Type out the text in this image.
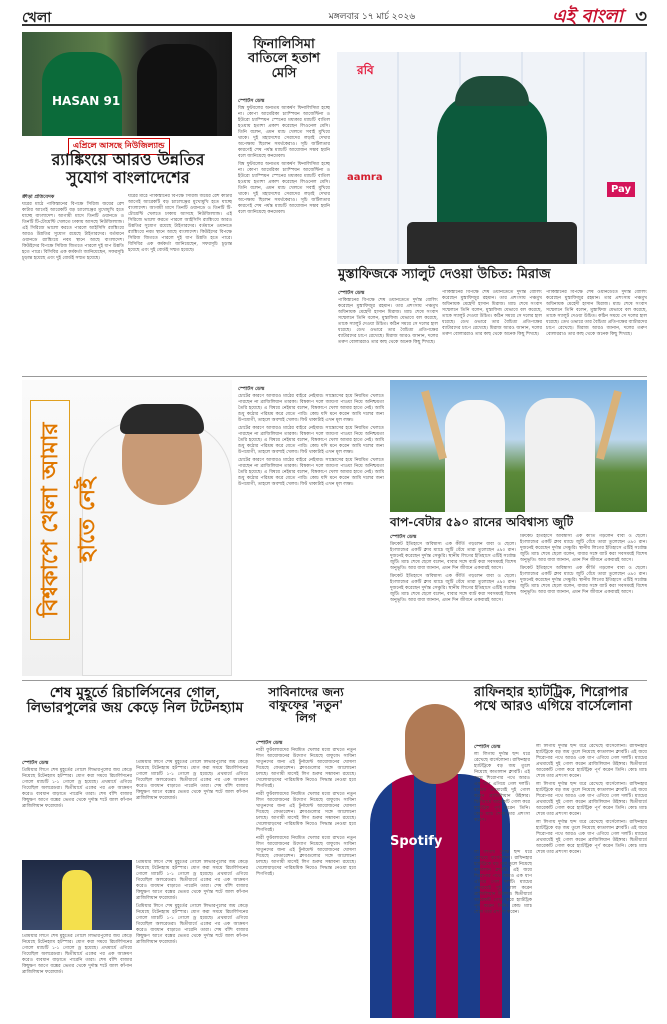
খেলা	মঙ্গলবার ১৭ মার্চ ২০২৬	এই বাংলা ৩
HASAN 91
এপ্রিলে আসছে নিউজিল্যান্ড
র‍্যাঙ্কিংয়ে আরও উন্নতির
সুযোগ বাংলাদেশের
ক্রীড়া প্রতিবেদক

ঘরের মাঠে পাকিস্তানের বিপক্ষে সিরিজ জয়ের রেশ কাটার আগেই আরেকটি বড় চ্যালেঞ্জের মুখোমুখি হতে যাচ্ছে বাংলাদেশ। আগামী মাসে তিনটি ওয়ানডে ও তিনটি টি-টোয়েন্টি খেলতে ঢাকায় আসছে নিউজিল্যান্ড। এই সিরিজে ভালো করতে পারলে আইসিসি র‍্যাঙ্কিংয়ে আরও উন্নতির সুযোগ রয়েছে টাইগারদের। বর্তমানে ওয়ানডে র‍্যাঙ্কিংয়ে নবম স্থানে আছে বাংলাদেশ। কিউইদের বিপক্ষে সিরিজ জিততে পারলে দুই ধাপ উন্নতি হতে পারে। বিসিবির এক কর্মকর্তা জানিয়েছেন, সফরসূচি চূড়ান্ত হয়েছে এবং দুই বোর্ডই সম্মত হয়েছে।

ঘরের মাঠে পাকিস্তানের বিপক্ষে সিরিজ জয়ের রেশ কাটার আগেই আরেকটি বড় চ্যালেঞ্জের মুখোমুখি হতে যাচ্ছে বাংলাদেশ। আগামী মাসে তিনটি ওয়ানডে ও তিনটি টি-টোয়েন্টি খেলতে ঢাকায় আসছে নিউজিল্যান্ড। এই সিরিজে ভালো করতে পারলে আইসিসি র‍্যাঙ্কিংয়ে আরও উন্নতির সুযোগ রয়েছে টাইগারদের। বর্তমানে ওয়ানডে র‍্যাঙ্কিংয়ে নবম স্থানে আছে বাংলাদেশ। কিউইদের বিপক্ষে সিরিজ জিততে পারলে দুই ধাপ উন্নতি হতে পারে। বিসিবির এক কর্মকর্তা জানিয়েছেন, সফরসূচি চূড়ান্ত হয়েছে এবং দুই বোর্ডই সম্মত হয়েছে।

ফিনালিসিমা
বাতিলে হতাশ
মেসি
স্পোর্টস ডেস্ক

বিশ্ব ফুটবলের অন্যতম আকর্ষণ ফিনালিসিমা হচ্ছে না। কোপা আমেরিকা চ্যাম্পিয়ন আর্জেন্টিনা ও ইউরো চ্যাম্পিয়ন স্পেনের মধ্যকার ম্যাচটি বাতিল হওয়ায় হতাশা প্রকাশ করেছেন লিওনেল মেসি। তিনি বলেন, এমন ম্যাচ খেলতে সবাই মুখিয়ে থাকে। দুই মহাদেশের সেরাদের লড়াই দেখার অপেক্ষায় ছিলেন সমর্থকেরাও। সূচি জটিলতার কারণেই শেষ পর্যন্ত ম্যাচটি আয়োজন সম্ভব হয়নি বলে জানিয়েছে কনমেবল।

বিশ্ব ফুটবলের অন্যতম আকর্ষণ ফিনালিসিমা হচ্ছে না। কোপা আমেরিকা চ্যাম্পিয়ন আর্জেন্টিনা ও ইউরো চ্যাম্পিয়ন স্পেনের মধ্যকার ম্যাচটি বাতিল হওয়ায় হতাশা প্রকাশ করেছেন লিওনেল মেসি। তিনি বলেন, এমন ম্যাচ খেলতে সবাই মুখিয়ে থাকে। দুই মহাদেশের সেরাদের লড়াই দেখার অপেক্ষায় ছিলেন সমর্থকেরাও। সূচি জটিলতার কারণেই শেষ পর্যন্ত ম্যাচটি আয়োজন সম্ভব হয়নি বলে জানিয়েছে কনমেবল।

রবি
aamra
Pay
মুস্তাফিজকে স্যালুট দেওয়া উচিত: মিরাজ
স্পোর্টস ডেস্ক

পাকিস্তানের বিপক্ষে শেষ ওয়ানডেতে দুর্দান্ত বোলিং করেছেন মুস্তাফিজুর রহমান। তার প্রশংসায় পঞ্চমুখ অধিনায়ক মেহেদী হাসান মিরাজ। ম্যাচ শেষে সংবাদ সম্মেলনে তিনি বলেন, মুস্তাফিজ যেভাবে বল করেছে, তাকে স্যালুট দেওয়া উচিত। কঠিন সময়ে সে দলের হাল ধরেছে। ডেথ ওভারে তার বৈচিত্র্য প্রতিপক্ষের ব্যাটারদের চাপে রেখেছে। মিরাজ আরও জানান, দলের তরুণ বোলাররাও তার কাছ থেকে অনেক কিছু শিখছে।

পাকিস্তানের বিপক্ষে শেষ ওয়ানডেতে দুর্দান্ত বোলিং করেছেন মুস্তাফিজুর রহমান। তার প্রশংসায় পঞ্চমুখ অধিনায়ক মেহেদী হাসান মিরাজ। ম্যাচ শেষে সংবাদ সম্মেলনে তিনি বলেন, মুস্তাফিজ যেভাবে বল করেছে, তাকে স্যালুট দেওয়া উচিত। কঠিন সময়ে সে দলের হাল ধরেছে। ডেথ ওভারে তার বৈচিত্র্য প্রতিপক্ষের ব্যাটারদের চাপে রেখেছে। মিরাজ আরও জানান, দলের তরুণ বোলাররাও তার কাছ থেকে অনেক কিছু শিখছে।

পাকিস্তানের বিপক্ষে শেষ ওয়ানডেতে দুর্দান্ত বোলিং করেছেন মুস্তাফিজুর রহমান। তার প্রশংসায় পঞ্চমুখ অধিনায়ক মেহেদী হাসান মিরাজ। ম্যাচ শেষে সংবাদ সম্মেলনে তিনি বলেন, মুস্তাফিজ যেভাবে বল করেছে, তাকে স্যালুট দেওয়া উচিত। কঠিন সময়ে সে দলের হাল ধরেছে। ডেথ ওভারে তার বৈচিত্র্য প্রতিপক্ষের ব্যাটারদের চাপে রেখেছে। মিরাজ আরও জানান, দলের তরুণ বোলাররাও তার কাছ থেকে অনেক কিছু শিখছে।

বিশ্বকাপে খেলা আমার হাতে নেই
স্পোর্টস ডেস্ক

চোটের কারণে আবারও মাঠের বাইরে নেইমার। সান্তোসের হয়ে নিয়মিত খেলতে পারছেন না ব্রাজিলিয়ান তারকা। বিশ্বকাপ দলে জায়গা পাওয়া নিয়ে অনিশ্চয়তা তৈরি হয়েছে। এ বিষয়ে নেইমার বলেন, বিশ্বকাপে খেলা আমার হাতে নেই। আমি শুধু কঠোর পরিশ্রম করে যেতে পারি। কোচ যদি মনে করেন আমি দলের জন্য উপযোগী, তাহলে অবশ্যই খেলব। ফিট থাকাটাই এখন মূল লক্ষ্য।

চোটের কারণে আবারও মাঠের বাইরে নেইমার। সান্তোসের হয়ে নিয়মিত খেলতে পারছেন না ব্রাজিলিয়ান তারকা। বিশ্বকাপ দলে জায়গা পাওয়া নিয়ে অনিশ্চয়তা তৈরি হয়েছে। এ বিষয়ে নেইমার বলেন, বিশ্বকাপে খেলা আমার হাতে নেই। আমি শুধু কঠোর পরিশ্রম করে যেতে পারি। কোচ যদি মনে করেন আমি দলের জন্য উপযোগী, তাহলে অবশ্যই খেলব। ফিট থাকাটাই এখন মূল লক্ষ্য।

চোটের কারণে আবারও মাঠের বাইরে নেইমার। সান্তোসের হয়ে নিয়মিত খেলতে পারছেন না ব্রাজিলিয়ান তারকা। বিশ্বকাপ দলে জায়গা পাওয়া নিয়ে অনিশ্চয়তা তৈরি হয়েছে। এ বিষয়ে নেইমার বলেন, বিশ্বকাপে খেলা আমার হাতে নেই। আমি শুধু কঠোর পরিশ্রম করে যেতে পারি। কোচ যদি মনে করেন আমি দলের জন্য উপযোগী, তাহলে অবশ্যই খেলব। ফিট থাকাটাই এখন মূল লক্ষ্য।

বাপ-বেটার ৫৯০ রানের অবিশ্বাস্য জুটি
স্পোর্টস ডেস্ক

ক্রিকেট ইতিহাসে অবিশ্বাস্য এক কীর্তি গড়লেন বাবা ও ছেলে। ইংল্যান্ডের একটি ক্লাব ম্যাচে জুটি বেঁধে তারা তুলেছেন ৫৯০ রান। দুজনেই করেছেন দুর্দান্ত সেঞ্চুরি। স্থানীয় লিগের ইতিহাসে এটিই সর্বোচ্চ জুটি। ম্যাচ শেষে ছেলে বলেন, বাবার সঙ্গে ব্যাট করা সবসময়ই বিশেষ অনুভূতি। আর বাবা জানান, এমন দিন জীবনে একবারই আসে।

ক্রিকেট ইতিহাসে অবিশ্বাস্য এক কীর্তি গড়লেন বাবা ও ছেলে। ইংল্যান্ডের একটি ক্লাব ম্যাচে জুটি বেঁধে তারা তুলেছেন ৫৯০ রান। দুজনেই করেছেন দুর্দান্ত সেঞ্চুরি। স্থানীয় লিগের ইতিহাসে এটিই সর্বোচ্চ জুটি। ম্যাচ শেষে ছেলে বলেন, বাবার সঙ্গে ব্যাট করা সবসময়ই বিশেষ অনুভূতি। আর বাবা জানান, এমন দিন জীবনে একবারই আসে।

ক্রিকেট ইতিহাসে অবিশ্বাস্য এক কীর্তি গড়লেন বাবা ও ছেলে। ইংল্যান্ডের একটি ক্লাব ম্যাচে জুটি বেঁধে তারা তুলেছেন ৫৯০ রান। দুজনেই করেছেন দুর্দান্ত সেঞ্চুরি। স্থানীয় লিগের ইতিহাসে এটিই সর্বোচ্চ জুটি। ম্যাচ শেষে ছেলে বলেন, বাবার সঙ্গে ব্যাট করা সবসময়ই বিশেষ অনুভূতি। আর বাবা জানান, এমন দিন জীবনে একবারই আসে।

ক্রিকেট ইতিহাসে অবিশ্বাস্য এক কীর্তি গড়লেন বাবা ও ছেলে। ইংল্যান্ডের একটি ক্লাব ম্যাচে জুটি বেঁধে তারা তুলেছেন ৫৯০ রান। দুজনেই করেছেন দুর্দান্ত সেঞ্চুরি। স্থানীয় লিগের ইতিহাসে এটিই সর্বোচ্চ জুটি। ম্যাচ শেষে ছেলে বলেন, বাবার সঙ্গে ব্যাট করা সবসময়ই বিশেষ অনুভূতি। আর বাবা জানান, এমন দিন জীবনে একবারই আসে।

শেষ মুহূর্তে রিচার্লিসনের গোল, লিভারপুলের জয় কেড়ে নিল টটেনহ্যাম
স্পোর্টস ডেস্ক

প্রিমিয়ার লিগে শেষ মুহূর্তের গোলে লিভারপুলের জয় কেড়ে নিয়েছে টটেনহ্যাম হটস্পার। যোগ করা সময়ে রিচার্লিসনের গোলে ম্যাচটি ১-১ গোলে ড্র হয়েছে। প্রথমার্ধে এগিয়ে গিয়েছিল অলরেডরা। দ্বিতীয়ার্ধে একের পর এক আক্রমণ করেও ব্যবধান বাড়াতে পারেনি তারা। শেষ বাঁশি বাজার কিছুক্ষণ আগে বক্সের ভেতর থেকে দুর্দান্ত শটে জাল কাঁপান ব্রাজিলিয়ান ফরোয়ার্ড।

প্রিমিয়ার লিগে শেষ মুহূর্তের গোলে লিভারপুলের জয় কেড়ে নিয়েছে টটেনহ্যাম হটস্পার। যোগ করা সময়ে রিচার্লিসনের গোলে ম্যাচটি ১-১ গোলে ড্র হয়েছে। প্রথমার্ধে এগিয়ে গিয়েছিল অলরেডরা। দ্বিতীয়ার্ধে একের পর এক আক্রমণ করেও ব্যবধান বাড়াতে পারেনি তারা। শেষ বাঁশি বাজার কিছুক্ষণ আগে বক্সের ভেতর থেকে দুর্দান্ত শটে জাল কাঁপান ব্রাজিলিয়ান ফরোয়ার্ড।

প্রিমিয়ার লিগে শেষ মুহূর্তের গোলে লিভারপুলের জয় কেড়ে নিয়েছে টটেনহ্যাম হটস্পার। যোগ করা সময়ে রিচার্লিসনের গোলে ম্যাচটি ১-১ গোলে ড্র হয়েছে। প্রথমার্ধে এগিয়ে গিয়েছিল অলরেডরা। দ্বিতীয়ার্ধে একের পর এক আক্রমণ করেও ব্যবধান বাড়াতে পারেনি তারা। শেষ বাঁশি বাজার কিছুক্ষণ আগে বক্সের ভেতর থেকে দুর্দান্ত শটে জাল কাঁপান ব্রাজিলিয়ান ফরোয়ার্ড।

প্রিমিয়ার লিগে শেষ মুহূর্তের গোলে লিভারপুলের জয় কেড়ে নিয়েছে টটেনহ্যাম হটস্পার। যোগ করা সময়ে রিচার্লিসনের গোলে ম্যাচটি ১-১ গোলে ড্র হয়েছে। প্রথমার্ধে এগিয়ে গিয়েছিল অলরেডরা। দ্বিতীয়ার্ধে একের পর এক আক্রমণ করেও ব্যবধান বাড়াতে পারেনি তারা। শেষ বাঁশি বাজার কিছুক্ষণ আগে বক্সের ভেতর থেকে দুর্দান্ত শটে জাল কাঁপান ব্রাজিলিয়ান ফরোয়ার্ড।

প্রিমিয়ার লিগে শেষ মুহূর্তের গোলে লিভারপুলের জয় কেড়ে নিয়েছে টটেনহ্যাম হটস্পার। যোগ করা সময়ে রিচার্লিসনের গোলে ম্যাচটি ১-১ গোলে ড্র হয়েছে। প্রথমার্ধে এগিয়ে গিয়েছিল অলরেডরা। দ্বিতীয়ার্ধে একের পর এক আক্রমণ করেও ব্যবধান বাড়াতে পারেনি তারা। শেষ বাঁশি বাজার কিছুক্ষণ আগে বক্সের ভেতর থেকে দুর্দান্ত শটে জাল কাঁপান ব্রাজিলিয়ান ফরোয়ার্ড।

সাবিনাদের জন্য
বাফুফের 'নতুন'
লিগ
স্পোর্টস ডেস্ক

নারী ফুটবলারদের নিয়মিত খেলার মধ্যে রাখতে নতুন লিগ আয়োজনের উদ্যোগ নিয়েছে বাফুফে। সাবিনা খাতুনদের জন্য এই টুর্নামেন্ট আয়োজনের ঘোষণা দিয়েছে ফেডারেশন। ক্লাবগুলোর সঙ্গে আলোচনা চলছে। আগামী মাসেই লিগ শুরুর সম্ভাবনা রয়েছে। খেলোয়াড়দের পারিশ্রমিক নিয়েও সিদ্ধান্ত নেওয়া হবে শিগগিরই।

নারী ফুটবলারদের নিয়মিত খেলার মধ্যে রাখতে নতুন লিগ আয়োজনের উদ্যোগ নিয়েছে বাফুফে। সাবিনা খাতুনদের জন্য এই টুর্নামেন্ট আয়োজনের ঘোষণা দিয়েছে ফেডারেশন। ক্লাবগুলোর সঙ্গে আলোচনা চলছে। আগামী মাসেই লিগ শুরুর সম্ভাবনা রয়েছে। খেলোয়াড়দের পারিশ্রমিক নিয়েও সিদ্ধান্ত নেওয়া হবে শিগগিরই।

নারী ফুটবলারদের নিয়মিত খেলার মধ্যে রাখতে নতুন লিগ আয়োজনের উদ্যোগ নিয়েছে বাফুফে। সাবিনা খাতুনদের জন্য এই টুর্নামেন্ট আয়োজনের ঘোষণা দিয়েছে ফেডারেশন। ক্লাবগুলোর সঙ্গে আলোচনা চলছে। আগামী মাসেই লিগ শুরুর সম্ভাবনা রয়েছে। খেলোয়াড়দের পারিশ্রমিক নিয়েও সিদ্ধান্ত নেওয়া হবে শিগগিরই।

Spotify
রাফিনহার হ্যাটট্রিক, শিরোপার পথে আরও এগিয়ে বার্সেলোনা
স্পোর্টস ডেস্ক

লা লিগায় দুর্দান্ত ছন্দ ধরে রেখেছে বার্সেলোনা। রাফিনহার হ্যাটট্রিকে বড় জয় তুলে নিয়েছে কাতালান ক্লাবটি। এই জয়ে শিরোপার পথে আরও এক ধাপ এগিয়ে গেল দলটি। ম্যাচের প্রথমার্ধেই দুই গোল করেন ব্রাজিলিয়ান উইঙ্গার। দ্বিতীয়ার্ধে আরেকটি গোল করে হ্যাটট্রিক পূর্ণ করেন তিনি। কোচ ম্যাচ শেষে তার প্রশংসা করেন।

লা লিগায় দুর্দান্ত ছন্দ ধরে রেখেছে বার্সেলোনা। রাফিনহার হ্যাটট্রিকে বড় জয় তুলে নিয়েছে কাতালান ক্লাবটি। এই জয়ে শিরোপার পথে আরও এক ধাপ এগিয়ে গেল দলটি। ম্যাচের প্রথমার্ধেই দুই গোল করেন ব্রাজিলিয়ান উইঙ্গার। দ্বিতীয়ার্ধে আরেকটি গোল করে হ্যাটট্রিক পূর্ণ করেন তিনি। কোচ ম্যাচ শেষে তার প্রশংসা করেন।

লা লিগায় দুর্দান্ত ছন্দ ধরে রেখেছে বার্সেলোনা। রাফিনহার হ্যাটট্রিকে বড় জয় তুলে নিয়েছে কাতালান ক্লাবটি। এই জয়ে শিরোপার পথে আরও এক ধাপ এগিয়ে গেল দলটি। ম্যাচের প্রথমার্ধেই দুই গোল করেন ব্রাজিলিয়ান উইঙ্গার। দ্বিতীয়ার্ধে আরেকটি গোল করে হ্যাটট্রিক পূর্ণ করেন তিনি। কোচ ম্যাচ শেষে তার প্রশংসা করেন।

লা লিগায় দুর্দান্ত ছন্দ ধরে রেখেছে বার্সেলোনা। রাফিনহার হ্যাটট্রিকে বড় জয় তুলে নিয়েছে কাতালান ক্লাবটি। এই জয়ে শিরোপার পথে আরও এক ধাপ এগিয়ে গেল দলটি। ম্যাচের প্রথমার্ধেই দুই গোল করেন ব্রাজিলিয়ান উইঙ্গার। দ্বিতীয়ার্ধে আরেকটি গোল করে হ্যাটট্রিক পূর্ণ করেন তিনি। কোচ ম্যাচ শেষে তার প্রশংসা করেন।

লা লিগায় দুর্দান্ত ছন্দ ধরে রেখেছে বার্সেলোনা। রাফিনহার হ্যাটট্রিকে বড় জয় তুলে নিয়েছে কাতালান ক্লাবটি। এই জয়ে শিরোপার পথে আরও এক ধাপ এগিয়ে গেল দলটি। ম্যাচের প্রথমার্ধেই দুই গোল করেন ব্রাজিলিয়ান উইঙ্গার। দ্বিতীয়ার্ধে আরেকটি গোল করে হ্যাটট্রিক পূর্ণ করেন তিনি। কোচ ম্যাচ শেষে তার প্রশংসা করেন।
